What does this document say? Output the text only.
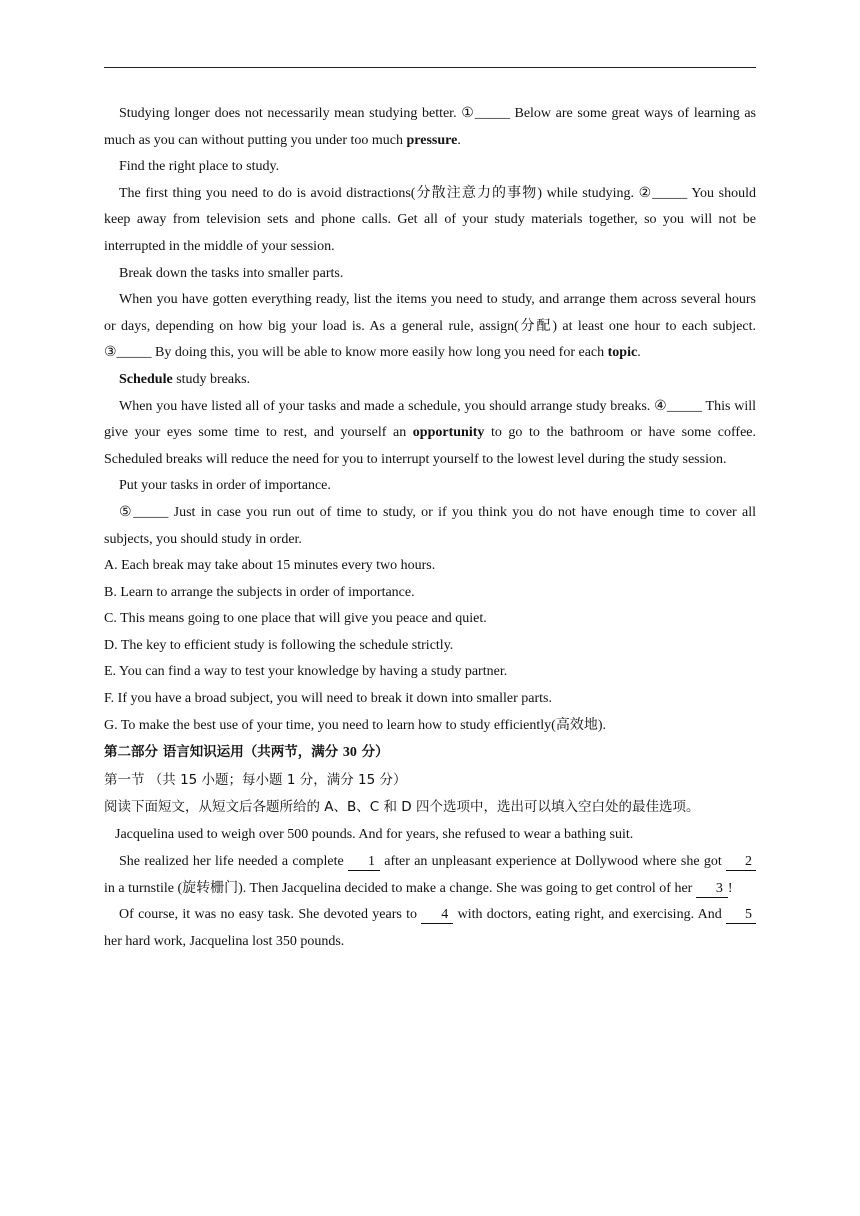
Studying longer does not necessarily mean studying better. ①_____ Below are some great ways of learning as much as you can without putting you under too much pressure.

Find the right place to study.

The first thing you need to do is avoid distractions(分散注意力的事物) while studying. ②_____ You should keep away from television sets and phone calls. Get all of your study materials together, so you will not be interrupted in the middle of your session.

Break down the tasks into smaller parts.

When you have gotten everything ready, list the items you need to study, and arrange them across several hours or days, depending on how big your load is. As a general rule, assign(分配) at least one hour to each subject. ③_____ By doing this, you will be able to know more easily how long you need for each topic.

Schedule study breaks.

When you have listed all of your tasks and made a schedule, you should arrange study breaks. ④_____ This will give your eyes some time to rest, and yourself an opportunity to go to the bathroom or have some coffee. Scheduled breaks will reduce the need for you to interrupt yourself to the lowest level during the study session.

Put your tasks in order of importance.

⑤_____ Just in case you run out of time to study, or if you think you do not have enough time to cover all subjects, you should study in order.

A. Each break may take about 15 minutes every two hours.

B. Learn to arrange the subjects in order of importance.

C. This means going to one place that will give you peace and quiet.

D. The key to efficient study is following the schedule strictly.

E. You can find a way to test your knowledge by having a study partner.

F. If you have a broad subject, you will need to break it down into smaller parts.

G. To make the best use of your time, you need to learn how to study efficiently(高效地).

第二部分 语言知识运用（共两节，满分 30 分）

第一节 （共 15 小题；每小题 1 分，满分 15 分）

阅读下面短文，从短文后各题所给的 A、B、C 和 D 四个选项中，选出可以填入空白处的最佳选项。

Jacquelina used to weigh over 500 pounds. And for years, she refused to wear a bathing suit.

She realized her life needed a complete 1 after an unpleasant experience at Dollywood where she got 2 in a turnstile (旋转栅门). Then Jacquelina decided to make a change. She was going to get control of her 3 !

Of course, it was no easy task. She devoted years to 4 with doctors, eating right, and exercising. And 5 her hard work, Jacquelina lost 350 pounds.
